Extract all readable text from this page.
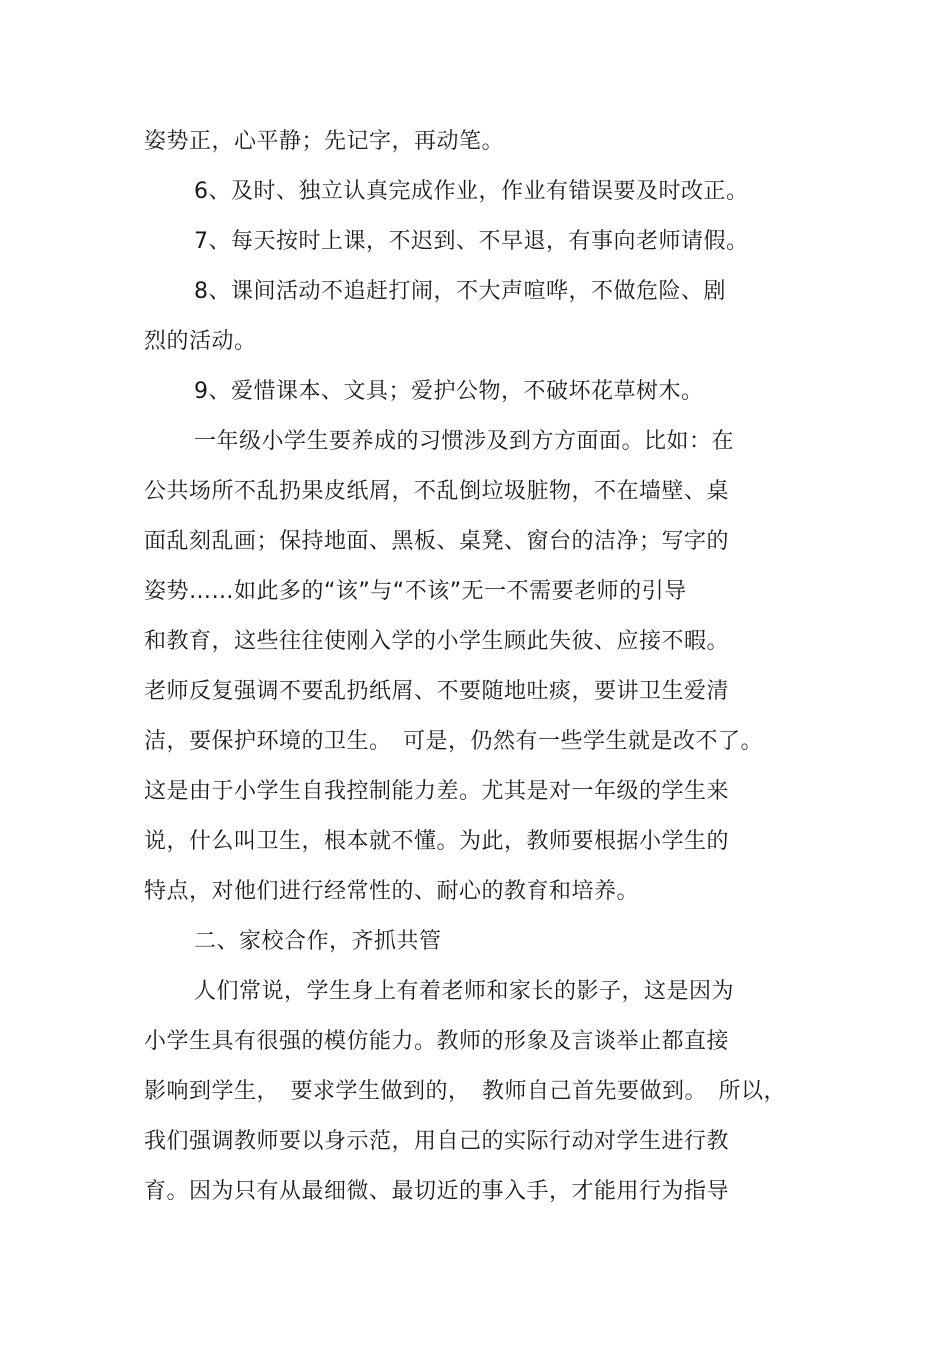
姿势正，心平静；先记字，再动笔。
6、及时、独立认真完成作业，作业有错误要及时改正。
7、每天按时上课，不迟到、不早退，有事向老师请假。
8、课间活动不追赶打闹，不大声喧哗，不做危险、剧
烈的活动。
9、爱惜课本、文具；爱护公物，不破坏花草树木。
一年级小学生要养成的习惯涉及到方方面面。比如：在
公共场所不乱扔果皮纸屑，不乱倒垃圾脏物，不在墙壁、桌
面乱刻乱画；保持地面、黑板、桌凳、窗台的洁净；写字的
姿势……如此多的“该”与“不该”无一不需要老师的引导
和教育，这些往往使刚入学的小学生顾此失彼、应接不暇。
老师反复强调不要乱扔纸屑、不要随地吐痰，要讲卫生爱清
洁，要保护环境的卫生。　可是，仍然有一些学生就是改不了。
这是由于小学生自我控制能力差。尤其是对一年级的学生来
说，什么叫卫生，根本就不懂。为此，教师要根据小学生的
特点，对他们进行经常性的、耐心的教育和培养。
二、家校合作，齐抓共管
人们常说，学生身上有着老师和家长的影子，这是因为
小学生具有很强的模仿能力。教师的形象及言谈举止都直接
影响到学生，　要求学生做到的，　教师自己首先要做到。　所以，
我们强调教师要以身示范，用自己的实际行动对学生进行教
育。因为只有从最细微、最切近的事入手，才能用行为指导
